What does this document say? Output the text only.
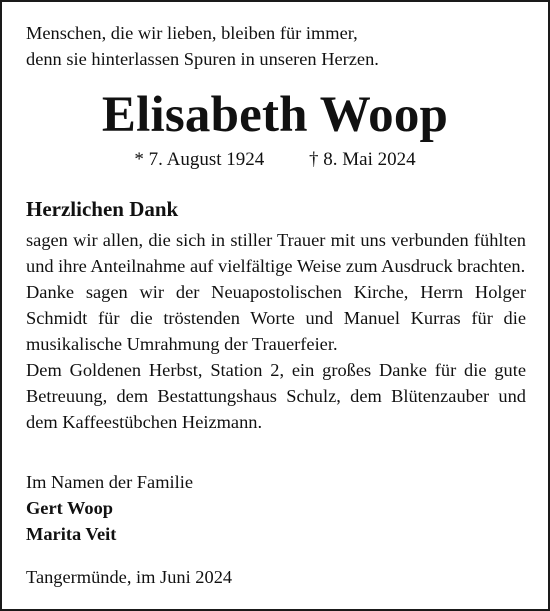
Menschen, die wir lieben, bleiben für immer,
denn sie hinterlassen Spuren in unseren Herzen.
Elisabeth Woop
* 7. August 1924 † 8. Mai 2024
Herzlichen Dank

sagen wir allen, die sich in stiller Trauer mit uns verbunden fühlten und ihre Anteilnahme auf vielfältige Weise zum Ausdruck brachten.

Danke sagen wir der Neuapostolischen Kirche, Herrn Holger Schmidt für die tröstenden Worte und Manuel Kurras für die musikalische Umrahmung der Trauerfeier.

Dem Goldenen Herbst, Station 2, ein großes Danke für die gute Betreuung, dem Bestattungshaus Schulz, dem Blütenzauber und dem Kaffeestübchen Heizmann.

Im Namen der Familie
Gert Woop
Marita Veit
Tangermünde, im Juni 2024
